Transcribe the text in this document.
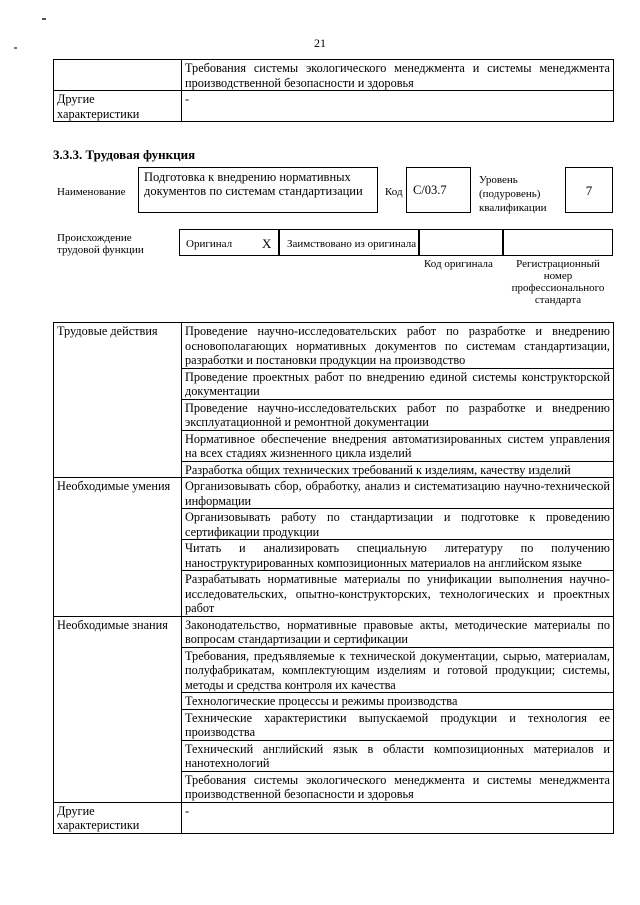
21
	Требования системы экологического менеджмента и системы менеджмента производственной безопасности и здоровья
Другие характеристики	-
3.3.3. Трудовая функция
Наименование
Подготовка к внедрению нормативных документов по системам стандартизации	Код C/03.7
Уровень (подуровень) квалификации
7
Происхождение трудовой функции	Оригинал X Заимствовано из оригинала
Код оригинала	Регистрационный номер профессионального стандарта
Трудовые действия	Проведение научно-исследовательских работ по разработке и внедрению основополагающих нормативных документов по системам стандартизации, разработки и постановки продукции на производство
	Проведение проектных работ по внедрению единой системы конструкторской документации
	Проведение научно-исследовательских работ по разработке и внедрению эксплуатационной и ремонтной документации
	Нормативное обеспечение внедрения автоматизированных систем управления на всех стадиях жизненного цикла изделий
	Разработка общих технических требований к изделиям, качеству изделий
Необходимые умения	Организовывать сбор, обработку, анализ и систематизацию научно-технической информации
	Организовывать работу по стандартизации и подготовке к проведению сертификации продукции
	Читать и анализировать специальную литературу по получению наноструктурированных композиционных материалов на английском языке
	Разрабатывать нормативные материалы по унификации выполнения научно-исследовательских, опытно-конструкторских, технологических и проектных работ
Необходимые знания	Законодательство, нормативные правовые акты, методические материалы по вопросам стандартизации и сертификации
	Требования, предъявляемые к технической документации, сырью, материалам, полуфабрикатам, комплектующим изделиям и готовой продукции; системы, методы и средства контроля их качества
	Технологические процессы и режимы производства
	Технические характеристики выпускаемой продукции и технология ее производства
	Технический английский язык в области композиционных материалов и нанотехнологий
	Требования системы экологического менеджмента и системы менеджмента производственной безопасности и здоровья
Другие характеристики	-
